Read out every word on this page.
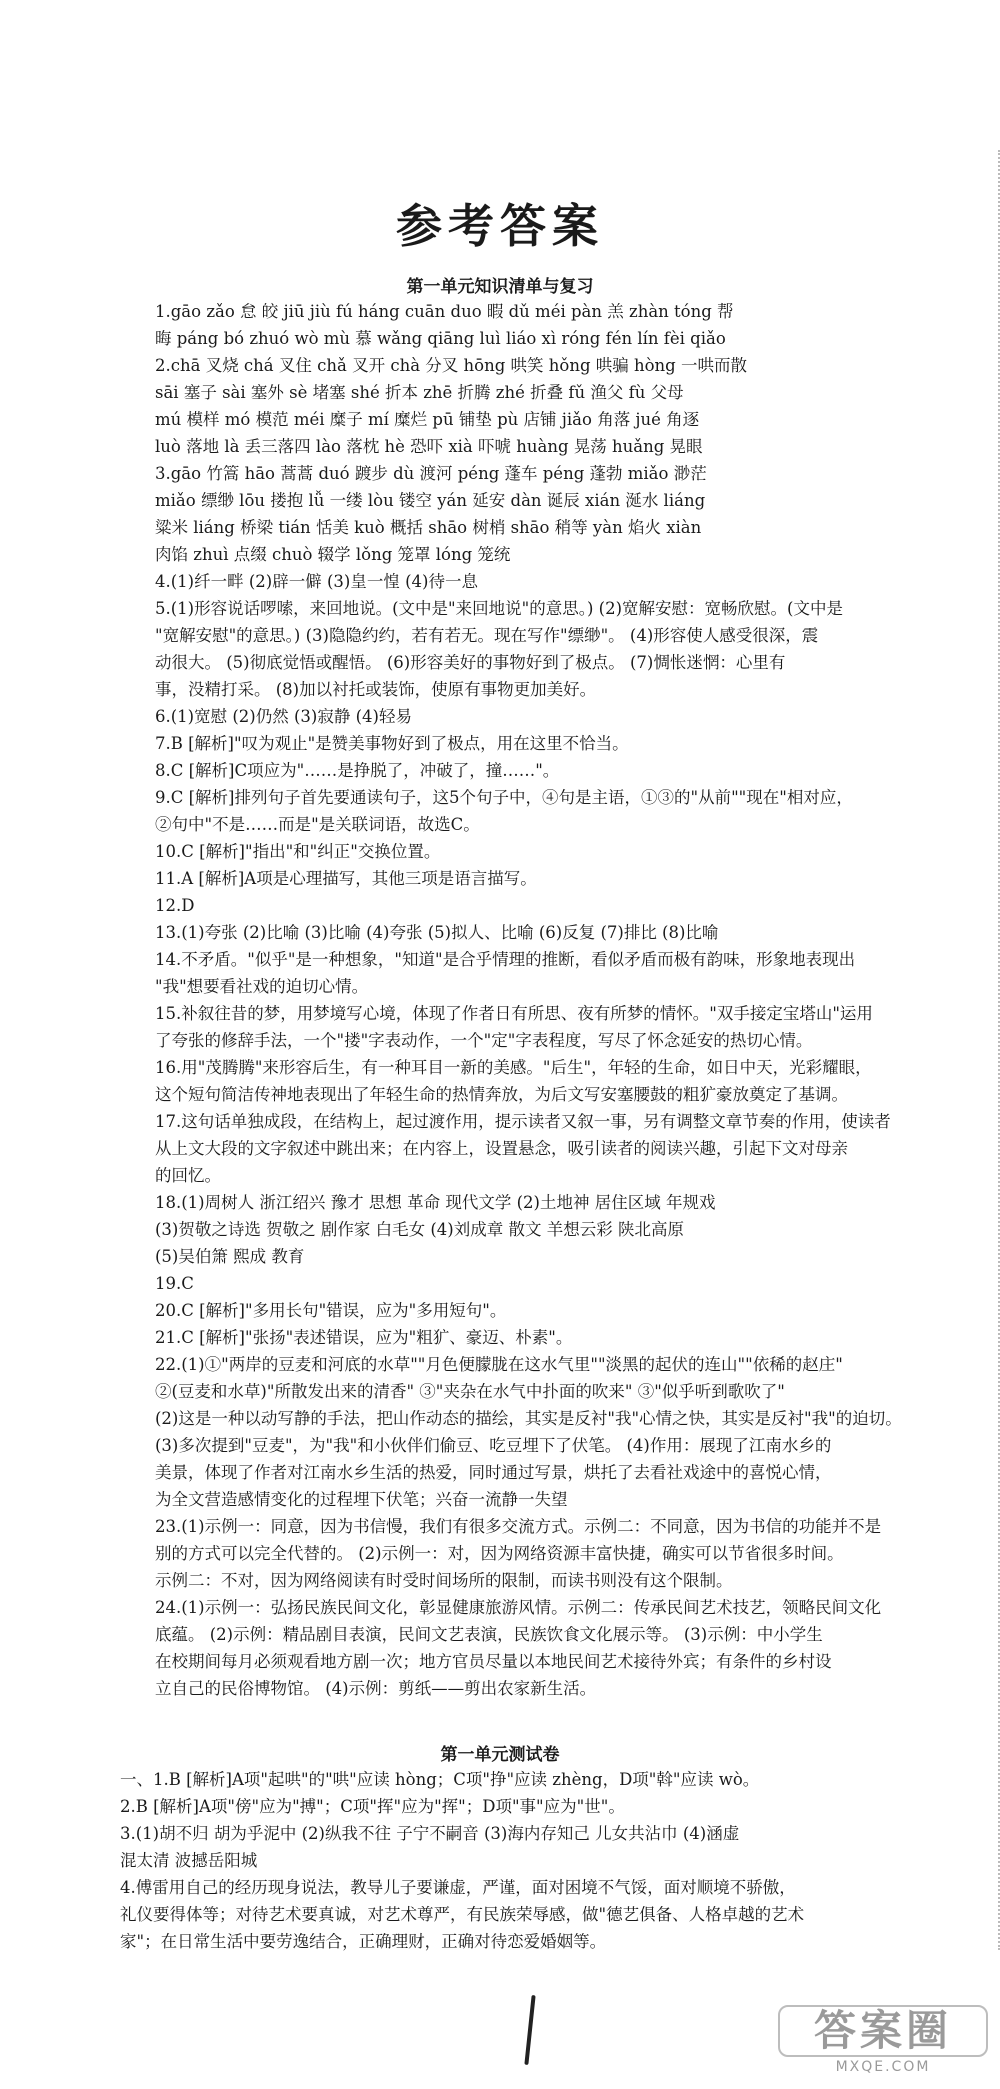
参考答案
第一单元知识清单与复习
1.gāo zǎo 怠 皎 jiū jiù fú háng cuān duo 暇 dǔ méi pàn 羔 zhàn tóng 帮
晦 páng bó zhuó wò mù 慕 wǎng qiāng luì liáo xì róng fén lín fèi qiǎo
2.chā 叉烧 chá 叉住 chǎ 叉开 chà 分叉 hōng 哄笑 hǒng 哄骗 hòng 一哄而散
sāi 塞子 sài 塞外 sè 堵塞 shé 折本 zhē 折腾 zhé 折叠 fǔ 渔父 fù 父母
mú 模样 mó 模范 méi 糜子 mí 糜烂 pū 铺垫 pù 店铺 jiǎo 角落 jué 角逐
luò 落地 là 丢三落四 lào 落枕 hè 恐吓 xià 吓唬 huàng 晃荡 huǎng 晃眼
3.gāo 竹篙 hāo 蒿蒿 duó 踱步 dù 渡河 péng 蓬车 péng 蓬勃 miǎo 渺茫
miǎo 缥缈 lōu 搂抱 lǚ 一缕 lòu 镂空 yán 延安 dàn 诞辰 xián 涎水 liáng
粱米 liáng 桥梁 tián 恬美 kuò 概括 shāo 树梢 shāo 稍等 yàn 焰火 xiàn
肉馅 zhuì 点缀 chuò 辍学 lǒng 笼罩 lóng 笼统
4.(1)纤一畔 (2)辟一僻 (3)皇一惶 (4)待一息
5.(1)形容说话啰嗦，来回地说。(文中是"来回地说"的意思。) (2)宽解安慰：宽畅欣慰。(文中是
"宽解安慰"的意思。) (3)隐隐约约，若有若无。现在写作"缥缈"。 (4)形容使人感受很深，震
动很大。 (5)彻底觉悟或醒悟。 (6)形容美好的事物好到了极点。 (7)惆怅迷惘：心里有
事，没精打采。 (8)加以衬托或装饰，使原有事物更加美好。
6.(1)宽慰 (2)仍然 (3)寂静 (4)轻易
7.B [解析]"叹为观止"是赞美事物好到了极点，用在这里不恰当。
8.C [解析]C项应为"……是挣脱了，冲破了，撞……"。
9.C [解析]排列句子首先要通读句子，这5个句子中，④句是主语，①③的"从前""现在"相对应，
②句中"不是……而是"是关联词语，故选C。
10.C [解析]"指出"和"纠正"交换位置。
11.A [解析]A项是心理描写，其他三项是语言描写。
12.D
13.(1)夸张 (2)比喻 (3)比喻 (4)夸张 (5)拟人、比喻 (6)反复 (7)排比 (8)比喻
14.不矛盾。"似乎"是一种想象，"知道"是合乎情理的推断，看似矛盾而极有韵味，形象地表现出
"我"想要看社戏的迫切心情。
15.补叙往昔的梦，用梦境写心境，体现了作者日有所思、夜有所梦的情怀。"双手接定宝塔山"运用
了夸张的修辞手法，一个"搂"字表动作，一个"定"字表程度，写尽了怀念延安的热切心情。
16.用"茂腾腾"来形容后生，有一种耳目一新的美感。"后生"，年轻的生命，如日中天，光彩耀眼，
这个短句简洁传神地表现出了年轻生命的热情奔放，为后文写安塞腰鼓的粗犷豪放奠定了基调。
17.这句话单独成段，在结构上，起过渡作用，提示读者又叙一事，另有调整文章节奏的作用，使读者
从上文大段的文字叙述中跳出来；在内容上，设置悬念，吸引读者的阅读兴趣，引起下文对母亲
的回忆。
18.(1)周树人 浙江绍兴 豫才 思想 革命 现代文学 (2)土地神 居住区域 年规戏
(3)贺敬之诗选 贺敬之 剧作家 白毛女 (4)刘成章 散文 羊想云彩 陕北高原
(5)吴伯箫 熙成 教育
19.C
20.C [解析]"多用长句"错误，应为"多用短句"。
21.C [解析]"张扬"表述错误，应为"粗犷、豪迈、朴素"。
22.(1)①"两岸的豆麦和河底的水草""月色便朦胧在这水气里""淡黑的起伏的连山""依稀的赵庄"
②(豆麦和水草)"所散发出来的清香" ③"夹杂在水气中扑面的吹来" ③"似乎听到歌吹了"
(2)这是一种以动写静的手法，把山作动态的描绘，其实是反衬"我"心情之快，其实是反衬"我"的迫切。
(3)多次提到"豆麦"，为"我"和小伙伴们偷豆、吃豆埋下了伏笔。 (4)作用：展现了江南水乡的
美景，体现了作者对江南水乡生活的热爱，同时通过写景，烘托了去看社戏途中的喜悦心情，
为全文营造感情变化的过程埋下伏笔；兴奋一流静一失望
23.(1)示例一：同意，因为书信慢，我们有很多交流方式。示例二：不同意，因为书信的功能并不是
别的方式可以完全代替的。 (2)示例一：对，因为网络资源丰富快捷，确实可以节省很多时间。
示例二：不对，因为网络阅读有时受时间场所的限制，而读书则没有这个限制。
24.(1)示例一：弘扬民族民间文化，彰显健康旅游风情。示例二：传承民间艺术技艺，领略民间文化
底蕴。 (2)示例：精品剧目表演，民间文艺表演，民族饮食文化展示等。 (3)示例：中小学生
在校期间每月必须观看地方剧一次；地方官员尽量以本地民间艺术接待外宾；有条件的乡村设
立自己的民俗博物馆。 (4)示例：剪纸——剪出农家新生活。
第一单元测试卷
一、1.B [解析]A项"起哄"的"哄"应读 hòng；C项"挣"应读 zhèng，D项"斡"应读 wò。
2.B [解析]A项"傍"应为"搏"；C项"挥"应为"挥"；D项"事"应为"世"。
3.(1)胡不归 胡为乎泥中 (2)纵我不往 子宁不嗣音 (3)海内存知己 儿女共沾巾 (4)涵虚
混太清 波撼岳阳城
4.傅雷用自己的经历现身说法，教导儿子要谦虚，严谨，面对困境不气馁，面对顺境不骄傲，
礼仪要得体等；对待艺术要真诚，对艺术尊严，有民族荣辱感，做"德艺俱备、人格卓越的艺术
家"；在日常生活中要劳逸结合，正确理财，正确对待恋爱婚姻等。
答案圈
MXQE.COM
